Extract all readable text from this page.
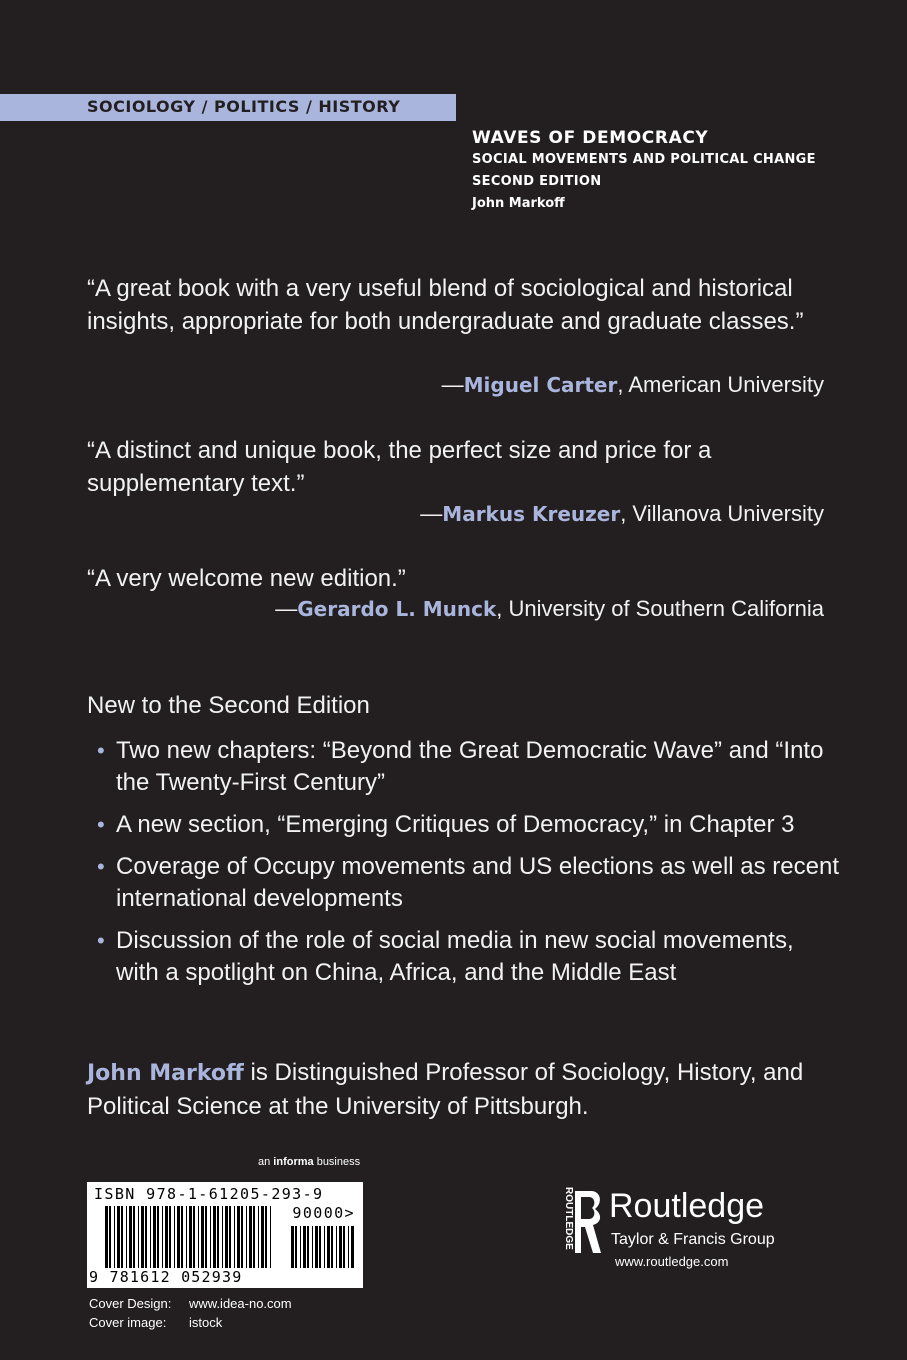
SOCIOLOGY / POLITICS / HISTORY
WAVES OF DEMOCRACY
SOCIAL MOVEMENTS AND POLITICAL CHANGE
SECOND EDITION
John Markoff
“A great book with a very useful blend of sociological and historical insights, appropriate for both undergraduate and graduate classes.”
—Miguel Carter, American University
“A distinct and unique book, the perfect size and price for a supplementary text.”
—Markus Kreuzer, Villanova University
“A very welcome new edition.”
—Gerardo L. Munck, University of Southern California
New to the Second Edition
• Two new chapters: “Beyond the Great Democratic Wave” and “Into the Twenty-First Century”
• A new section, “Emerging Critiques of Democracy,” in Chapter 3
• Coverage of Occupy movements and US elections as well as recent international developments
• Discussion of the role of social media in new social movements, with a spotlight on China, Africa, and the Middle East
John Markoff is Distinguished Professor of Sociology, History, and Political Science at the University of Pittsburgh.
an informa business
ISBN 978-1-61205-293-9
90000>
9 781612 052939
Cover Design:	www.idea-no.com
Cover image:	istock
ROUTLEDGE Routledge
Taylor & Francis Group
www.routledge.com
